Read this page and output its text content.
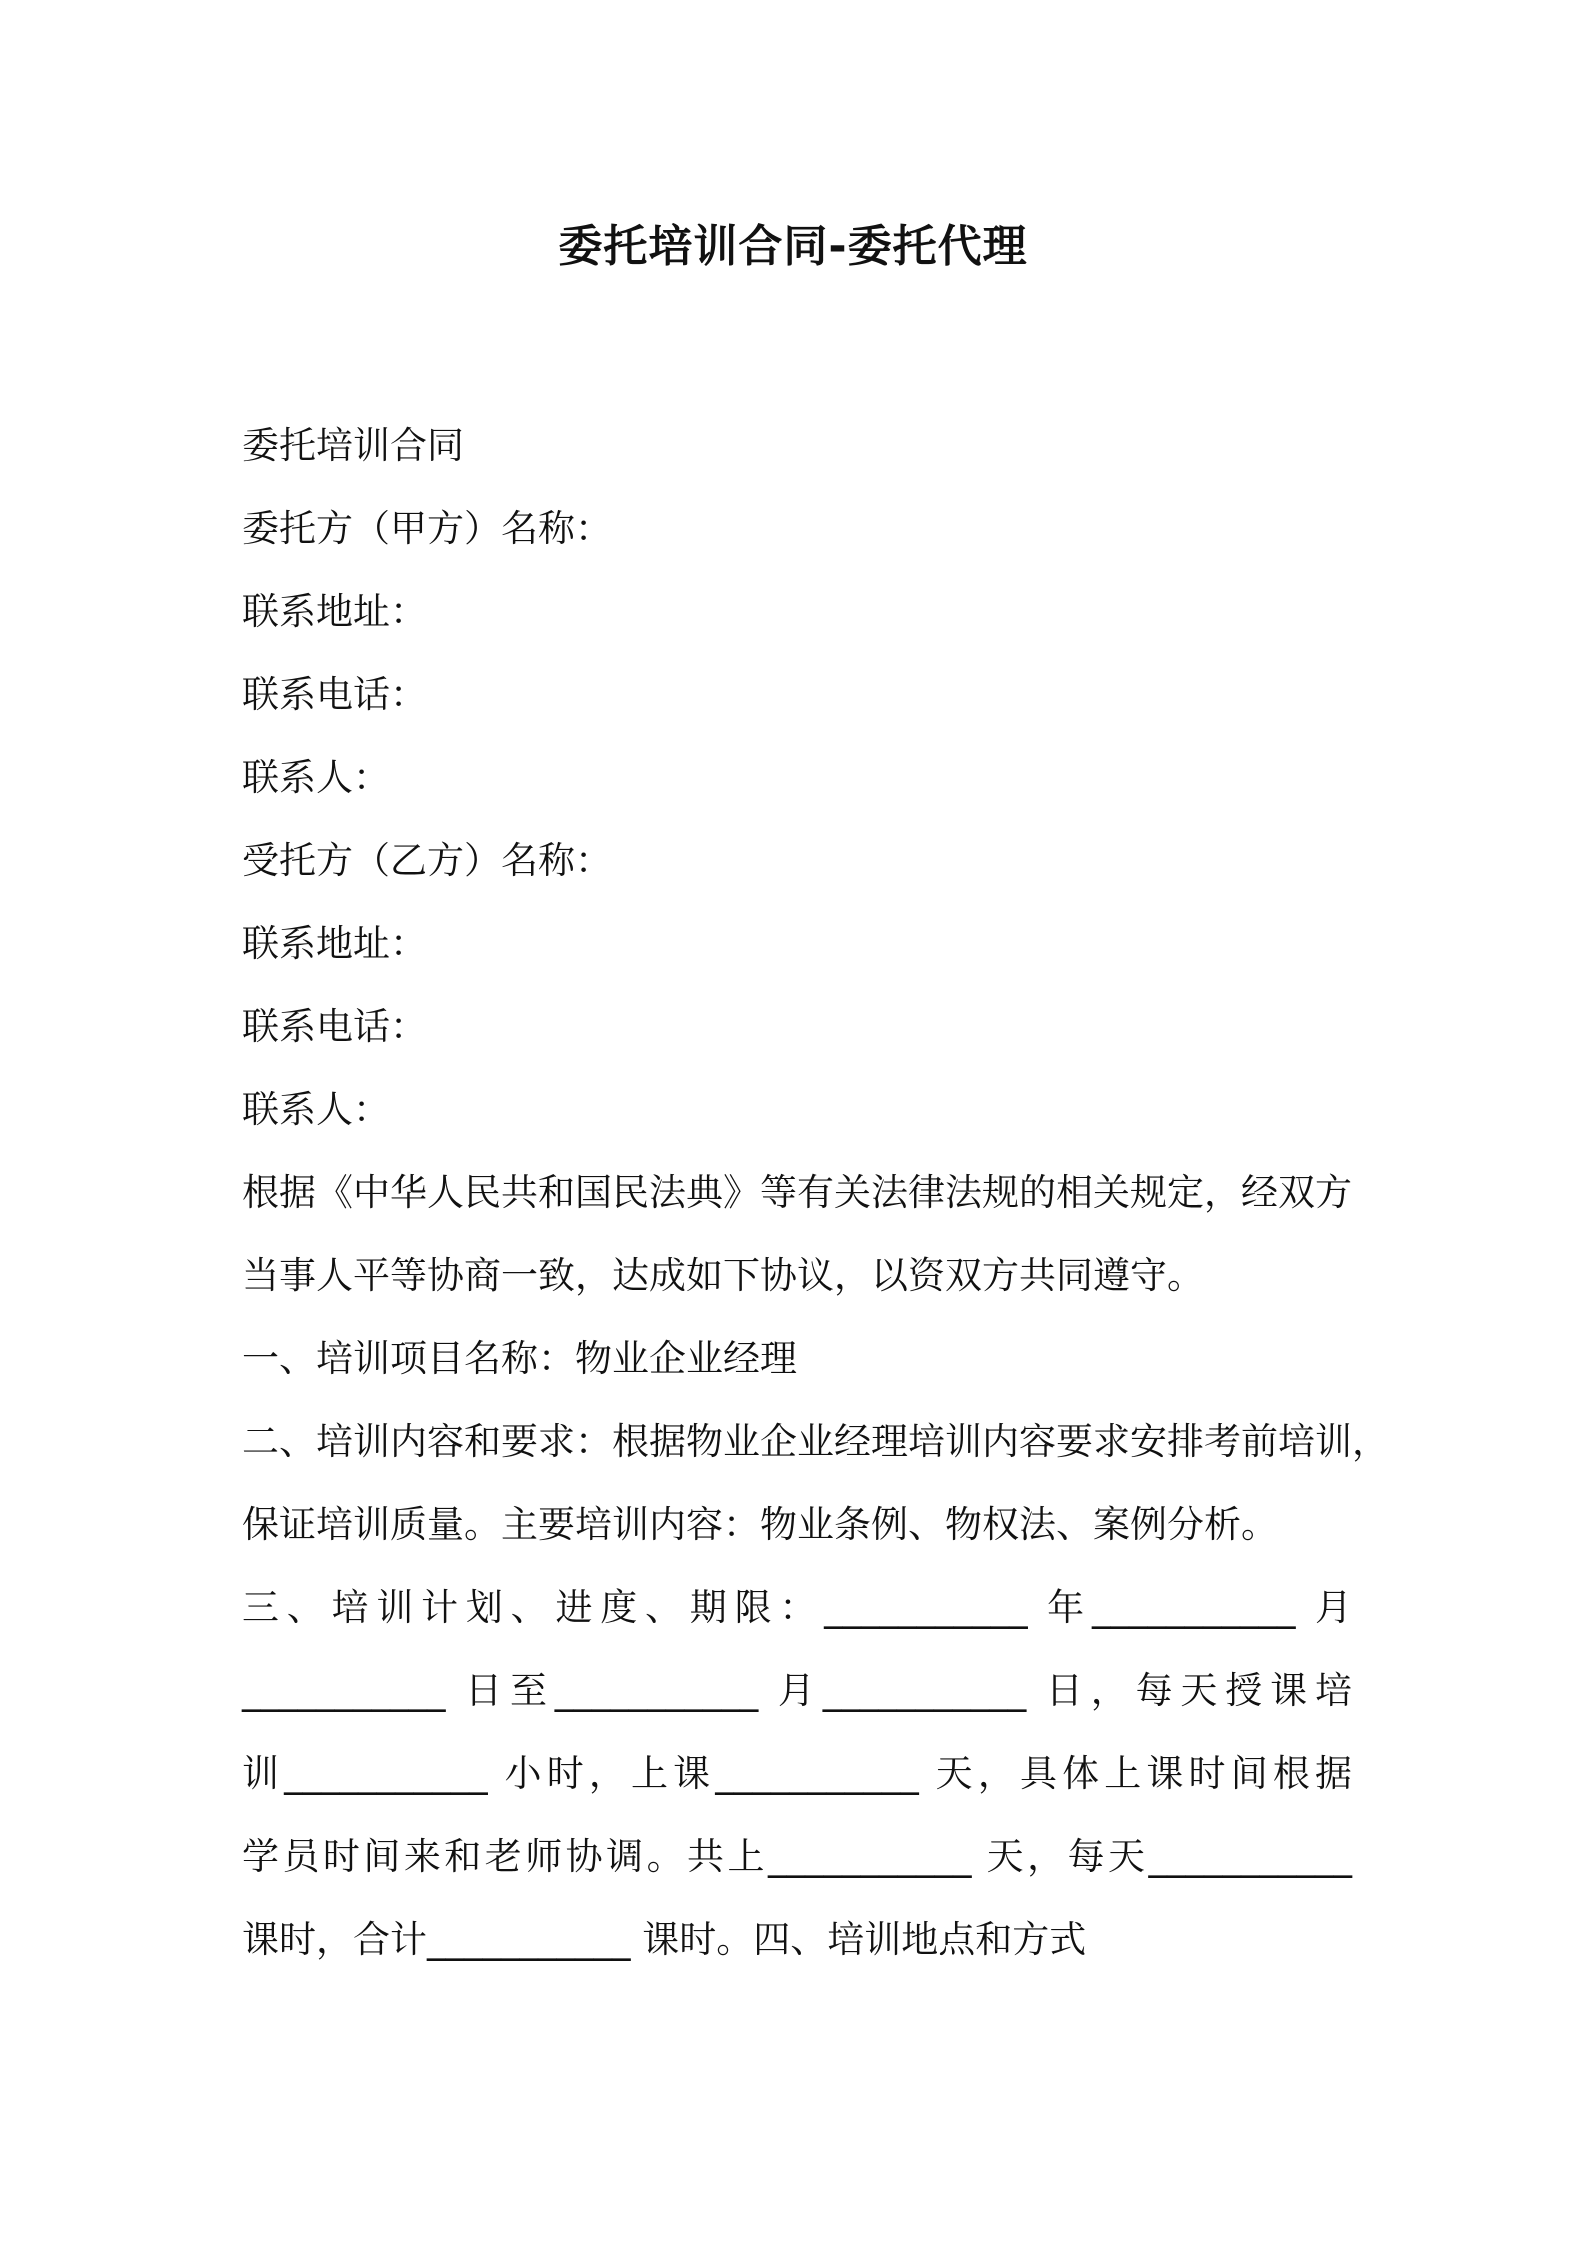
委托培训合同-委托代理
委托培训合同
委托方（甲方）名称：
联系地址：
联系电话：
联系人：
受托方（乙方）名称：
联系地址：
联系电话：
联系人：
根据《中华人民共和国民法典》等有关法律法规的相关规定，经双方
当事人平等协商一致，达成如下协议，以资双方共同遵守。
一、培训项目名称：物业企业经理
二、培训内容和要求：根据物业企业经理培训内容要求安排考前培训，
保证培训质量。主要培训内容：物业条例、物权法、案例分析。
三、培训计划、进度、期限：___________ 年___________ 月
___________ 日至___________ 月___________ 日，每天授课培
训___________ 小时，上课___________ 天，具体上课时间根据
学员时间来和老师协调。共上___________ 天，每天___________
课时，合计___________ 课时。四、培训地点和方式
